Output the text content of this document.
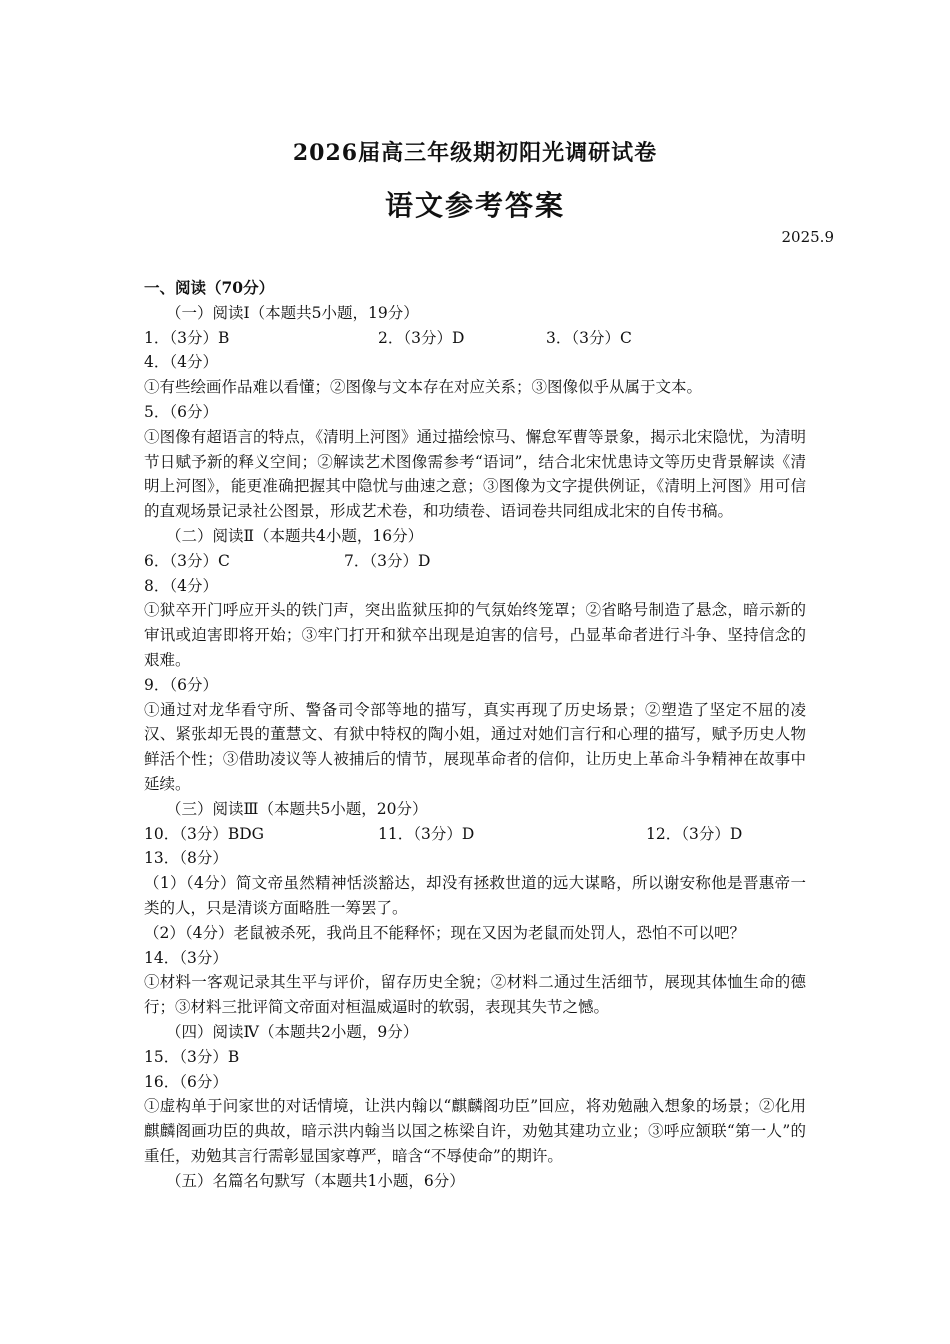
2026届高三年级期初阳光调研试卷
语文参考答案
2025.9
一、阅读（70分）
（一）阅读Ⅰ（本题共5小题，19分）
1．（3分）B	2．（3分）D	3．（3分）C
4．（4分）
①有些绘画作品难以看懂；②图像与文本存在对应关系；③图像似乎从属于文本。
5．（6分）
①图像有超语言的特点，《清明上河图》通过描绘惊马、懈怠军曹等景象，揭示北宋隐忧，为清明节日赋予新的释义空间；②解读艺术图像需参考“语词”，结合北宋忧患诗文等历史背景解读《清明上河图》，能更准确把握其中隐忧与曲速之意；③图像为文字提供例证，《清明上河图》用可信的直观场景记录社公图景，形成艺术卷，和功绩卷、语词卷共同组成北宋的自传书稿。
（二）阅读Ⅱ（本题共4小题，16分）
6．（3分）C	7．（3分）D
8．（4分）
①狱卒开门呼应开头的铁门声，突出监狱压抑的气氛始终笼罩；②省略号制造了悬念，暗示新的审讯或迫害即将开始；③牢门打开和狱卒出现是迫害的信号，凸显革命者进行斗争、坚持信念的艰难。
9．（6分）
①通过对龙华看守所、警备司令部等地的描写，真实再现了历史场景；②塑造了坚定不屈的凌汉、紧张却无畏的董慧文、有狱中特权的陶小姐，通过对她们言行和心理的描写，赋予历史人物鲜活个性；③借助凌议等人被捕后的情节，展现革命者的信仰，让历史上革命斗争精神在故事中延续。
（三）阅读Ⅲ（本题共5小题，20分）
10．（3分）BDG	11．（3分）D	12．（3分）D
13．（8分）
（1）（4分）简文帝虽然精神恬淡豁达，却没有拯救世道的远大谋略，所以谢安称他是晋惠帝一类的人，只是清谈方面略胜一筹罢了。
（2）（4分）老鼠被杀死，我尚且不能释怀；现在又因为老鼠而处罚人，恐怕不可以吧？
14．（3分）
①材料一客观记录其生平与评价，留存历史全貌；②材料二通过生活细节，展现其体恤生命的德行；③材料三批评简文帝面对桓温威逼时的软弱，表现其失节之憾。
（四）阅读Ⅳ（本题共2小题，9分）
15．（3分）B
16．（6分）
①虚构单于问家世的对话情境，让洪内翰以“麒麟阁功臣”回应，将劝勉融入想象的场景；②化用麒麟阁画功臣的典故，暗示洪内翰当以国之栋梁自许，劝勉其建功立业；③呼应颔联“第一人”的重任，劝勉其言行需彰显国家尊严，暗含“不辱使命”的期许。
（五）名篇名句默写（本题共1小题，6分）
